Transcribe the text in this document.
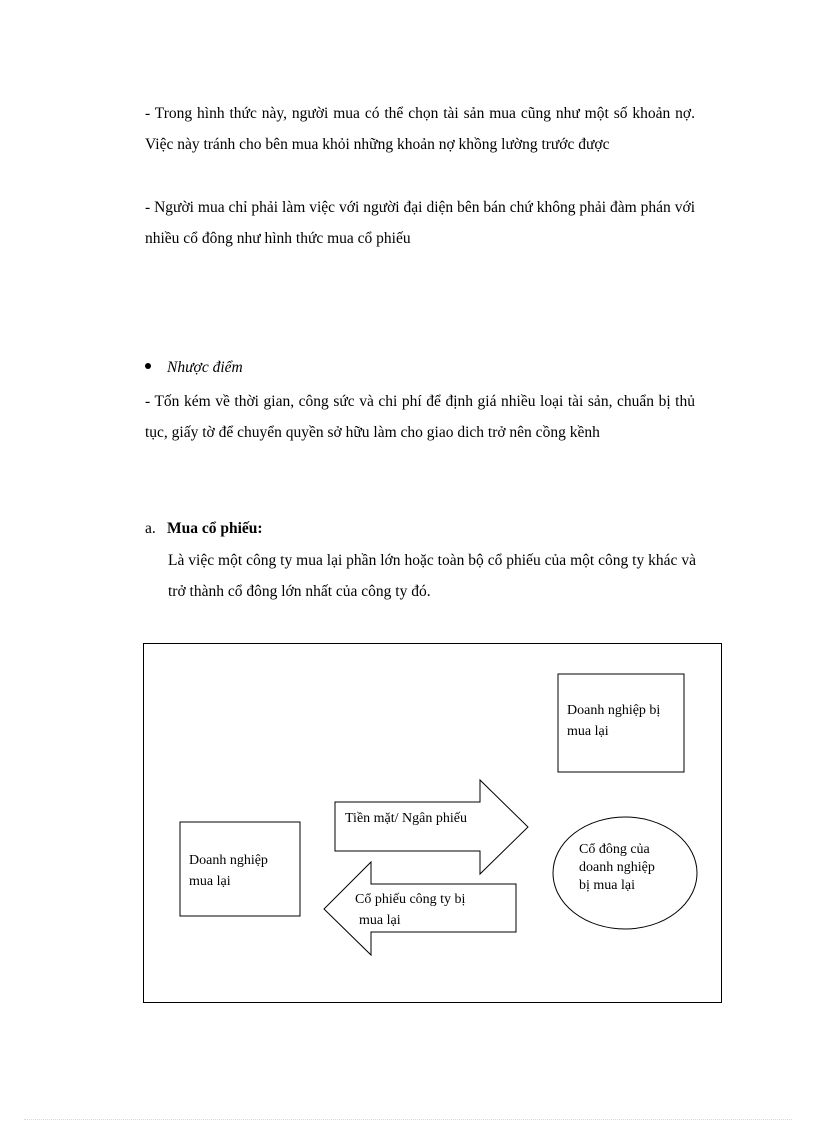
- Trong hình thức này, người mua có thể chọn tài sản mua cũng như một số khoản nợ. Việc này tránh cho bên mua khỏi những khoản nợ khồng lường trước được

- Người mua chỉ phải làm việc với người đại diện bên bán chứ không phải đàm phán với nhiều cổ đông như hình thức mua cổ phiếu

Nhược điểm

- Tốn kém về thời gian, công sức và chi phí để định giá nhiều loại tài sản, chuẩn bị thủ tục, giấy tờ để chuyển quyền sở hữu làm cho giao dich trở nên cồng kềnh

a. Mua cổ phiếu:

Là việc một công ty mua lại phần lớn hoặc toàn bộ cổ phiếu của một công ty khác và trở thành cổ đông lớn nhất của công ty đó.

Doanh nghiệp bị
mua lại
Doanh nghiệp
mua lại
Tiền mặt/ Ngân phiếu
Cổ phiếu công ty bị
mua lại
Cổ đông của
doanh nghiệp
bị mua lại
